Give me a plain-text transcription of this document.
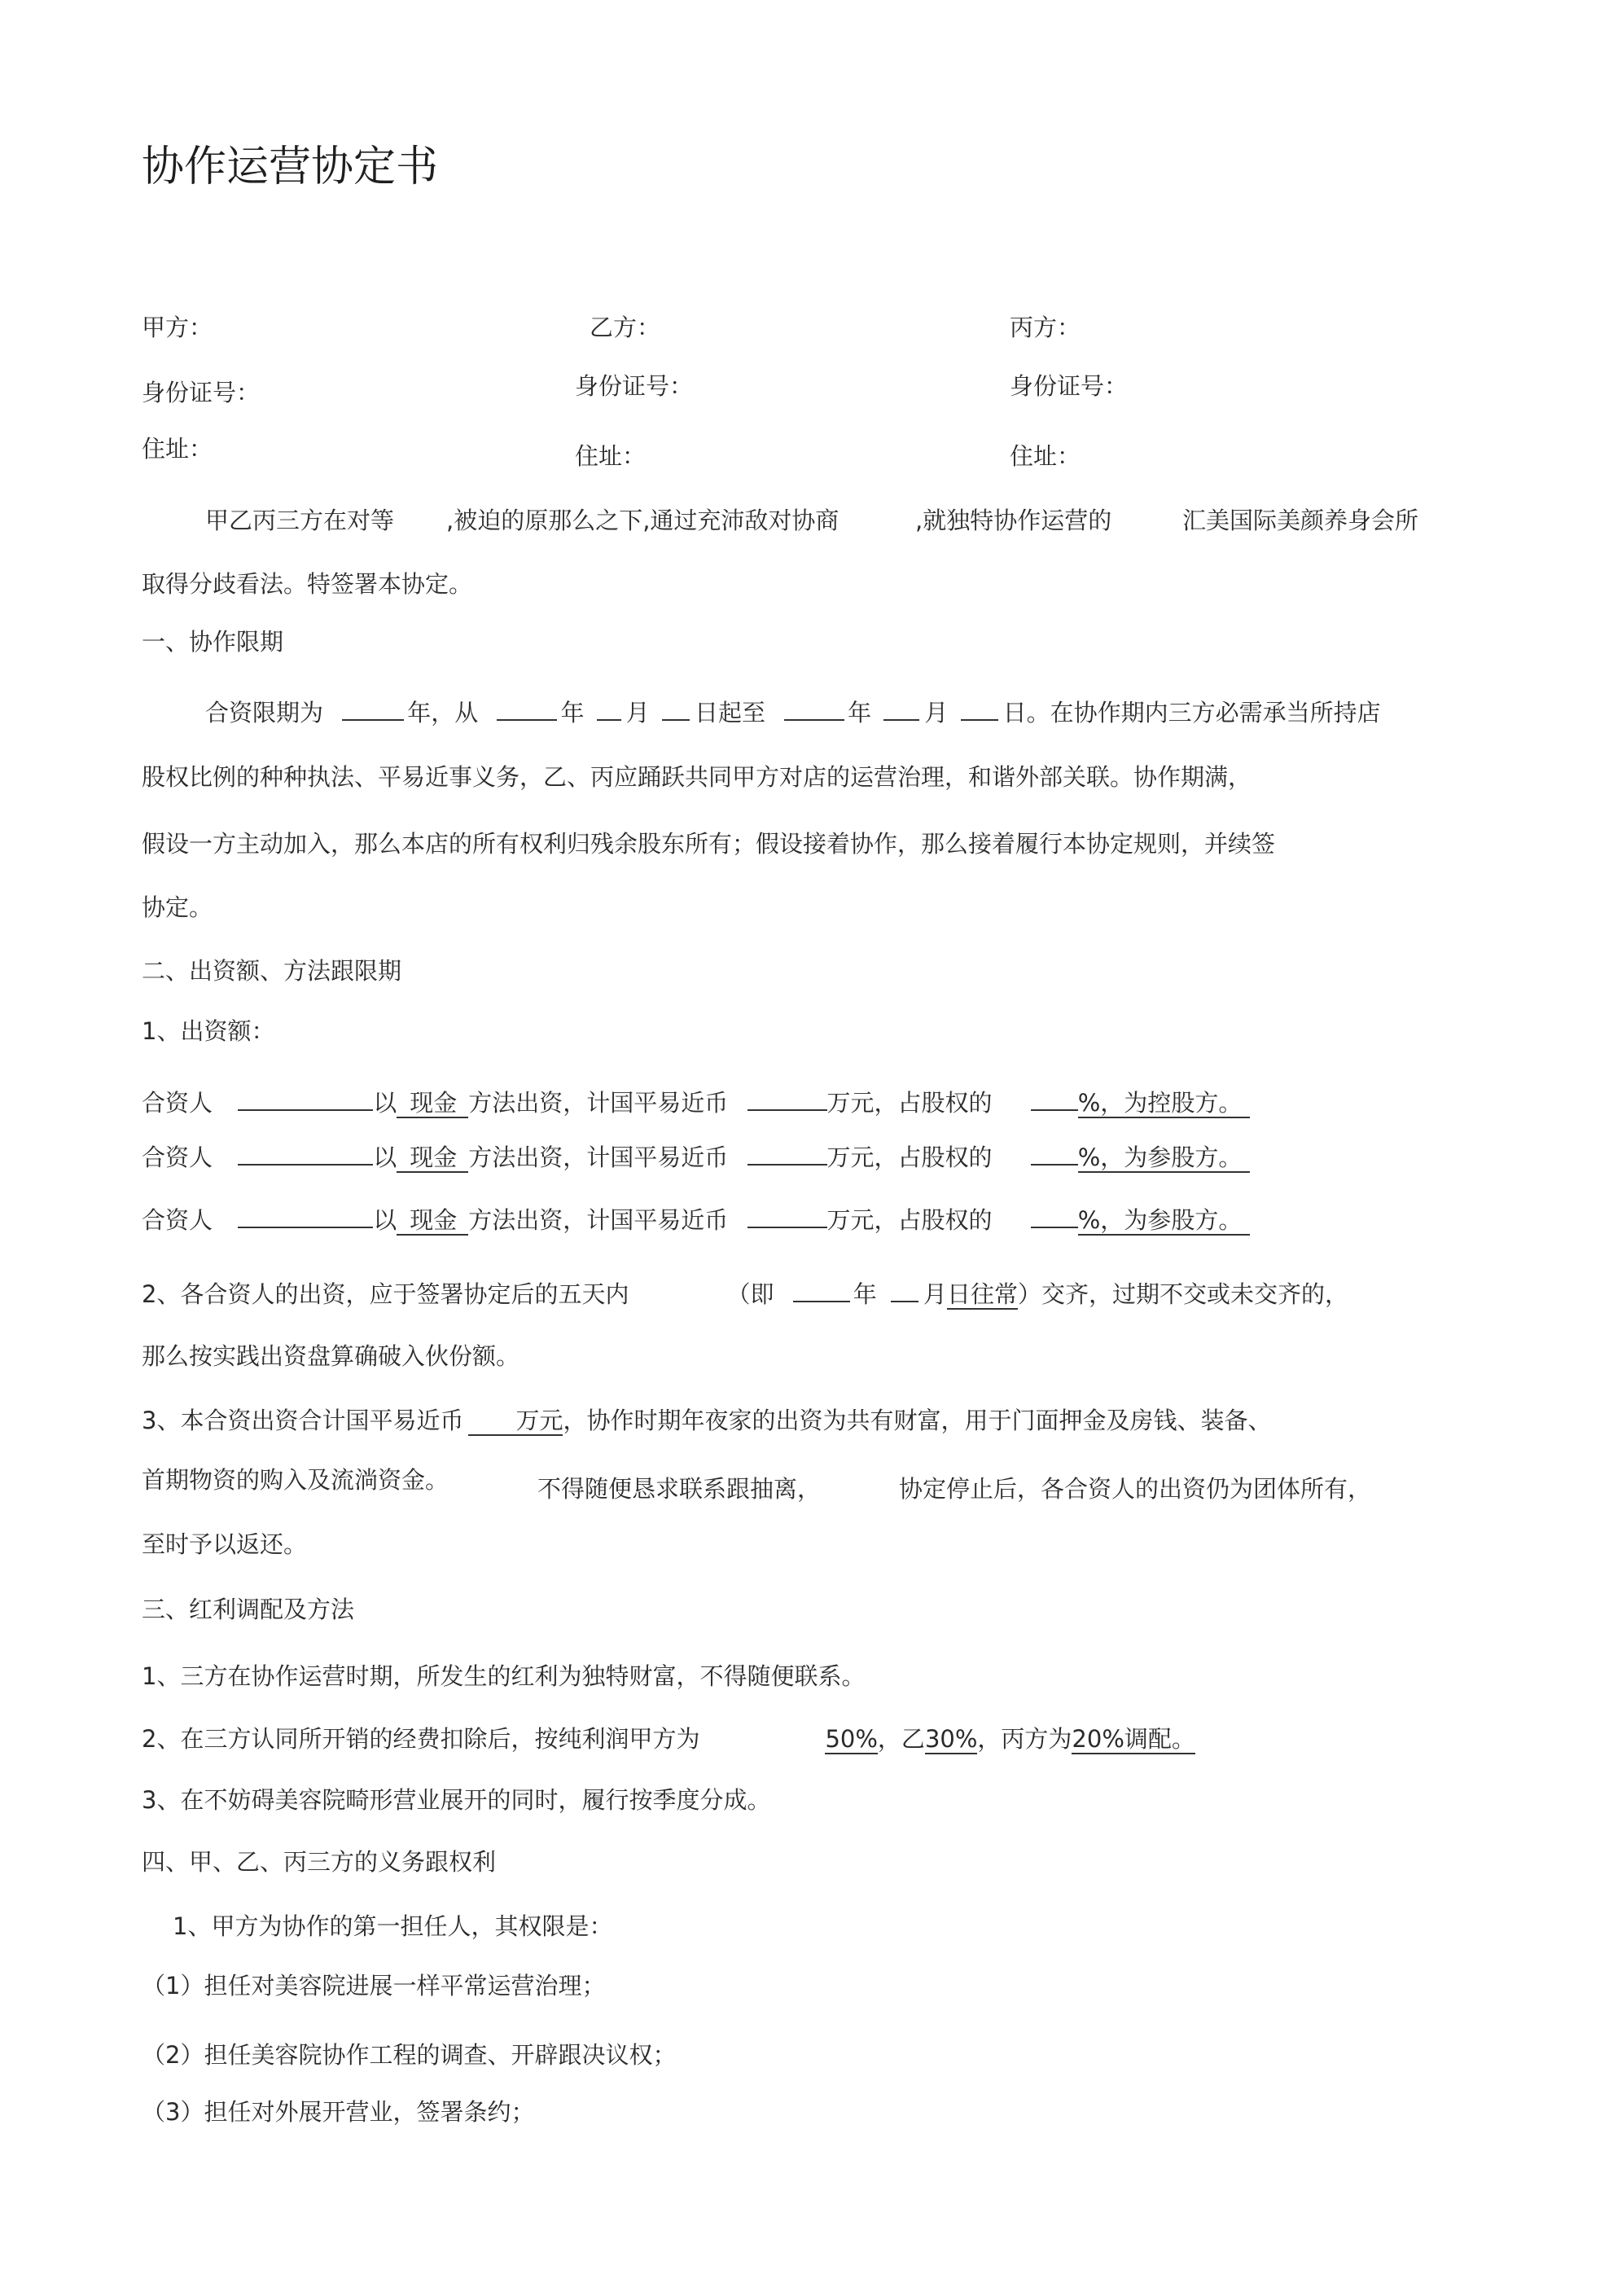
协作运营协定书
甲方：	乙方：	丙方：
身份证号：	身份证号：	身份证号：
住址：	住址：	住址：
甲乙丙三方在对等 ,被迫的原那么之下,通过充沛敌对协商	,就独特协作运营的	汇美国际美颜养身会所
取得分歧看法。特签署本协定。
一、协作限期
合资限期为	年，从	年 月 日起至	年 月 日。在协作期内三方必需承当所持店
股权比例的种种执法、平易近事义务，乙、丙应踊跃共同甲方对店的运营治理，和谐外部关联。协作期满，
假设一方主动加入，那么本店的所有权利归残余股东所有；假设接着协作，那么接着履行本协定规则，并续签
协定。
二、出资额、方法跟限期
1、出资额：
合资人	以 现金 方法出资，计国平易近币	万元，占股权的	%，为控股方。
合资人	以 现金 方法出资，计国平易近币	万元，占股权的	%，为参股方。
合资人	以 现金 方法出资，计国平易近币	万元，占股权的	%，为参股方。
2、各合资人的出资，应于签署协定后的五天内	（即	年 月日往常）交齐，过期不交或未交齐的，
那么按实践出资盘算确破入伙份额。
3、本合资出资合计国平易近币 万元，协作时期年夜家的出资为共有财富，用于门面押金及房钱、装备、
首期物资的购入及流淌资金。	不得随便恳求联系跟抽离，	协定停止后，各合资人的出资仍为团体所有，
至时予以返还。
三、红利调配及方法
1、三方在协作运营时期，所发生的红利为独特财富，不得随便联系。
2、在三方认同所开销的经费扣除后，按纯利润甲方为	50%，乙30%，丙方为20%调配。
3、在不妨碍美容院畸形营业展开的同时，履行按季度分成。
四、甲、乙、丙三方的义务跟权利
1、甲方为协作的第一担任人，其权限是：
（1）担任对美容院进展一样平常运营治理；
（2）担任美容院协作工程的调查、开辟跟决议权；
（3）担任对外展开营业，签署条约；
